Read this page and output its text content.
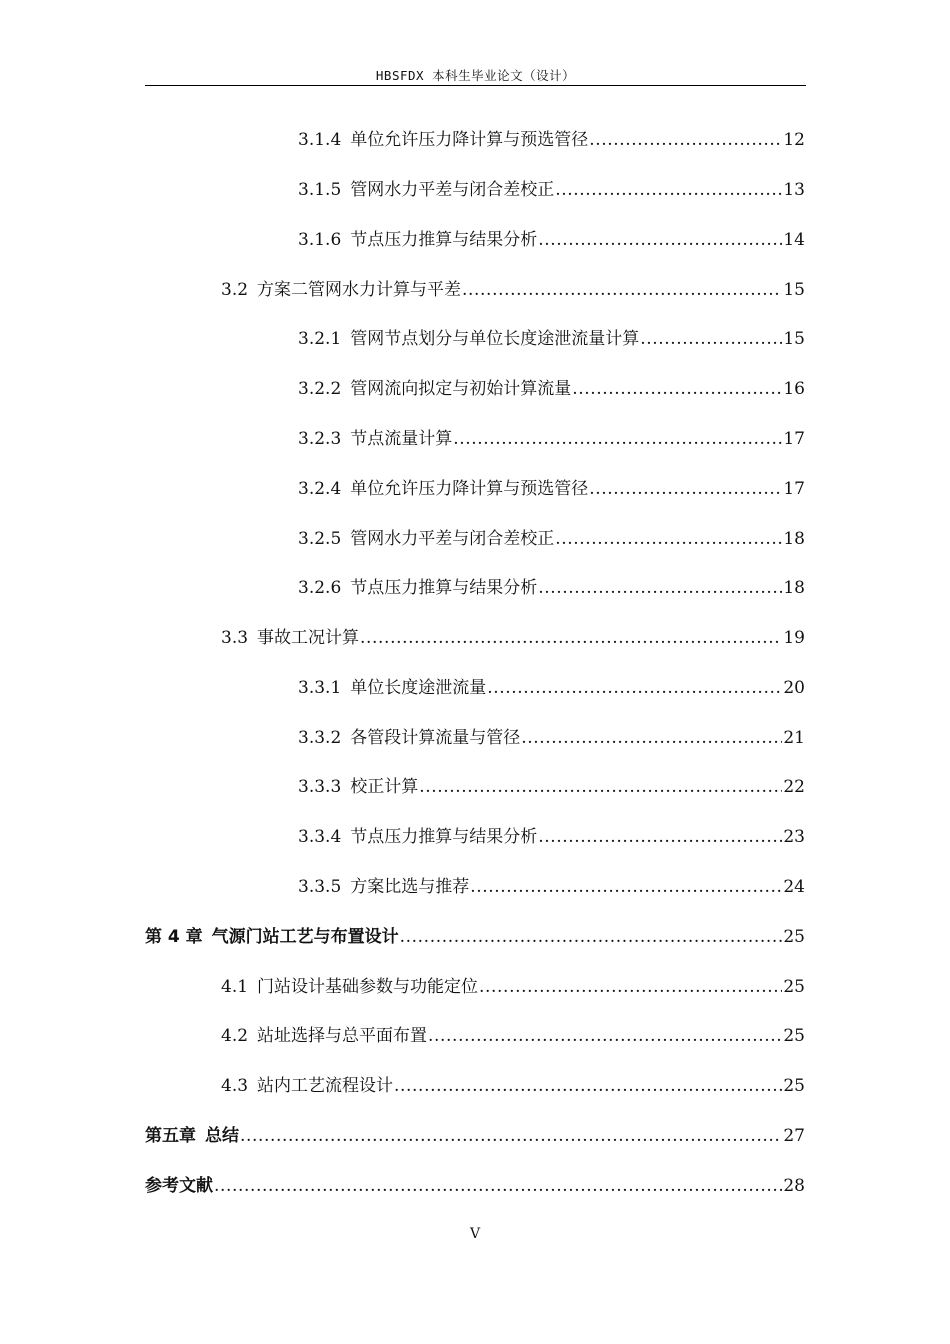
HBSFDX 本科生毕业论文（设计）
3.1.4 单位允许压力降计算与预选管径 .....	12
3.1.5 管网水力平差与闭合差校正 .....	13
3.1.6 节点压力推算与结果分析 .....	14
3.2 方案二管网水力计算与平差 .....	15
3.2.1 管网节点划分与单位长度途泄流量计算 .....	15
3.2.2 管网流向拟定与初始计算流量 .....	16
3.2.3 节点流量计算 .....	17
3.2.4 单位允许压力降计算与预选管径 .....	17
3.2.5 管网水力平差与闭合差校正 .....	18
3.2.6 节点压力推算与结果分析 .....	18
3.3 事故工况计算 .....	19
3.3.1 单位长度途泄流量 .....	20
3.3.2 各管段计算流量与管径 .....	21
3.3.3 校正计算 .....	22
3.3.4 节点压力推算与结果分析 .....	23
3.3.5 方案比选与推荐 .....	24
第 4 章 气源门站工艺与布置设计 .....	25
4.1 门站设计基础参数与功能定位 .....	25
4.2 站址选择与总平面布置 .....	25
4.3 站内工艺流程设计 .....	25
第五章 总结 .....	27
参考文献 .....	28
V
